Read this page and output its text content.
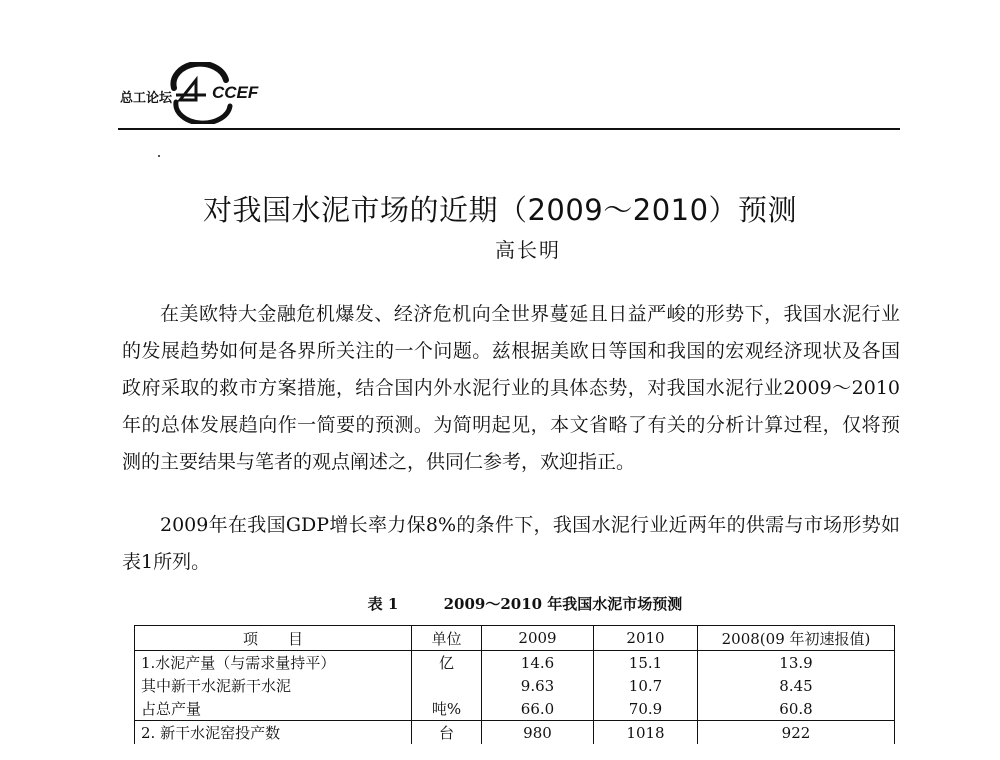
总工论坛 CCEF
对我国水泥市场的近期（2009～2010）预测
高长明

在美欧特大金融危机爆发、经济危机向全世界蔓延且日益严峻的形势下，我国水泥行业的发展趋势如何是各界所关注的一个问题。兹根据美欧日等国和我国的宏观经济现状及各国政府采取的救市方案措施，结合国内外水泥行业的具体态势，对我国水泥行业2009～2010年的总体发展趋向作一简要的预测。为简明起见，本文省略了有关的分析计算过程，仅将预测的主要结果与笔者的观点阐述之，供同仁参考，欢迎指正。

2009年在我国GDP增长率力保8%的条件下，我国水泥行业近两年的供需与市场形势如表1所列。

表 1	2009～2010 年我国水泥市场预测
项　　目	单位	2009	2010	2008(09 年初速报值)
1.水泥产量（与需求量持平）	亿	14.6	15.1	13.9
其中新干水泥新干水泥		9.63	10.7	8.45
占总产量	吨%	66.0	70.9	60.8
2. 新干水泥窑投产数	台	980	1018	922
